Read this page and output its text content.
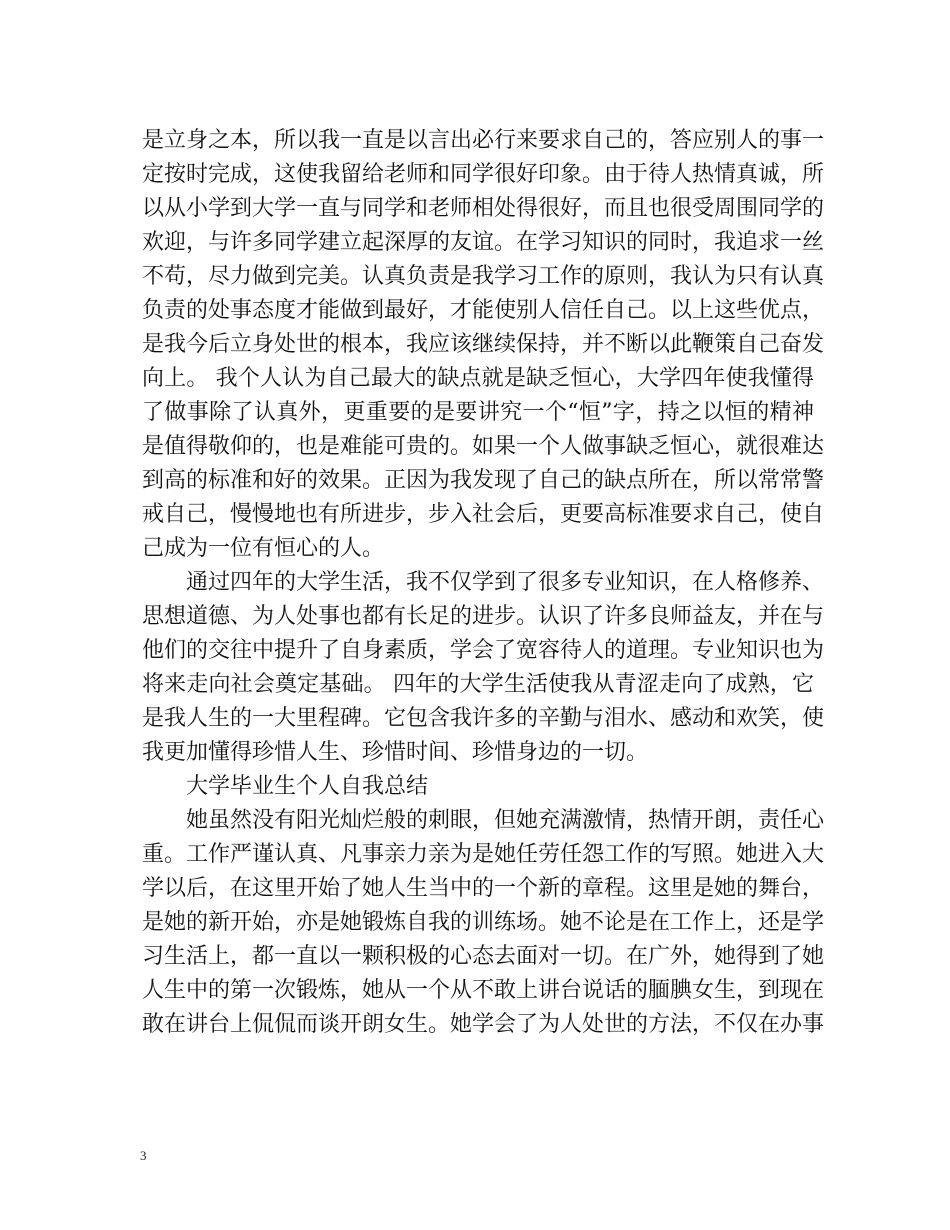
是立身之本，所以我一直是以言出必行来要求自己的，答应别人的事一
定按时完成，这使我留给老师和同学很好印象。由于待人热情真诚，所
以从小学到大学一直与同学和老师相处得很好，而且也很受周围同学的
欢迎，与许多同学建立起深厚的友谊。在学习知识的同时，我追求一丝
不苟，尽力做到完美。认真负责是我学习工作的原则，我认为只有认真
负责的处事态度才能做到最好，才能使别人信任自己。以上这些优点，
是我今后立身处世的根本，我应该继续保持，并不断以此鞭策自己奋发
向上。 我个人认为自己最大的缺点就是缺乏恒心，大学四年使我懂得
了做事除了认真外，更重要的是要讲究一个“恒”字，持之以恒的精神
是值得敬仰的，也是难能可贵的。如果一个人做事缺乏恒心，就很难达
到高的标准和好的效果。正因为我发现了自己的缺点所在，所以常常警
戒自己，慢慢地也有所进步，步入社会后，更要高标准要求自己，使自
己成为一位有恒心的人。
通过四年的大学生活，我不仅学到了很多专业知识，在人格修养、
思想道德、为人处事也都有长足的进步。认识了许多良师益友，并在与
他们的交往中提升了自身素质，学会了宽容待人的道理。专业知识也为
将来走向社会奠定基础。 四年的大学生活使我从青涩走向了成熟，它
是我人生的一大里程碑。它包含我许多的辛勤与泪水、感动和欢笑，使
我更加懂得珍惜人生、珍惜时间、珍惜身边的一切。
大学毕业生个人自我总结
她虽然没有阳光灿烂般的刺眼，但她充满激情，热情开朗，责任心
重。工作严谨认真、凡事亲力亲为是她任劳任怨工作的写照。她进入大
学以后，在这里开始了她人生当中的一个新的章程。这里是她的舞台，
是她的新开始，亦是她锻炼自我的训练场。她不论是在工作上，还是学
习生活上，都一直以一颗积极的心态去面对一切。在广外，她得到了她
人生中的第一次锻炼，她从一个从不敢上讲台说话的腼腆女生，到现在
敢在讲台上侃侃而谈开朗女生。她学会了为人处世的方法，不仅在办事
3
